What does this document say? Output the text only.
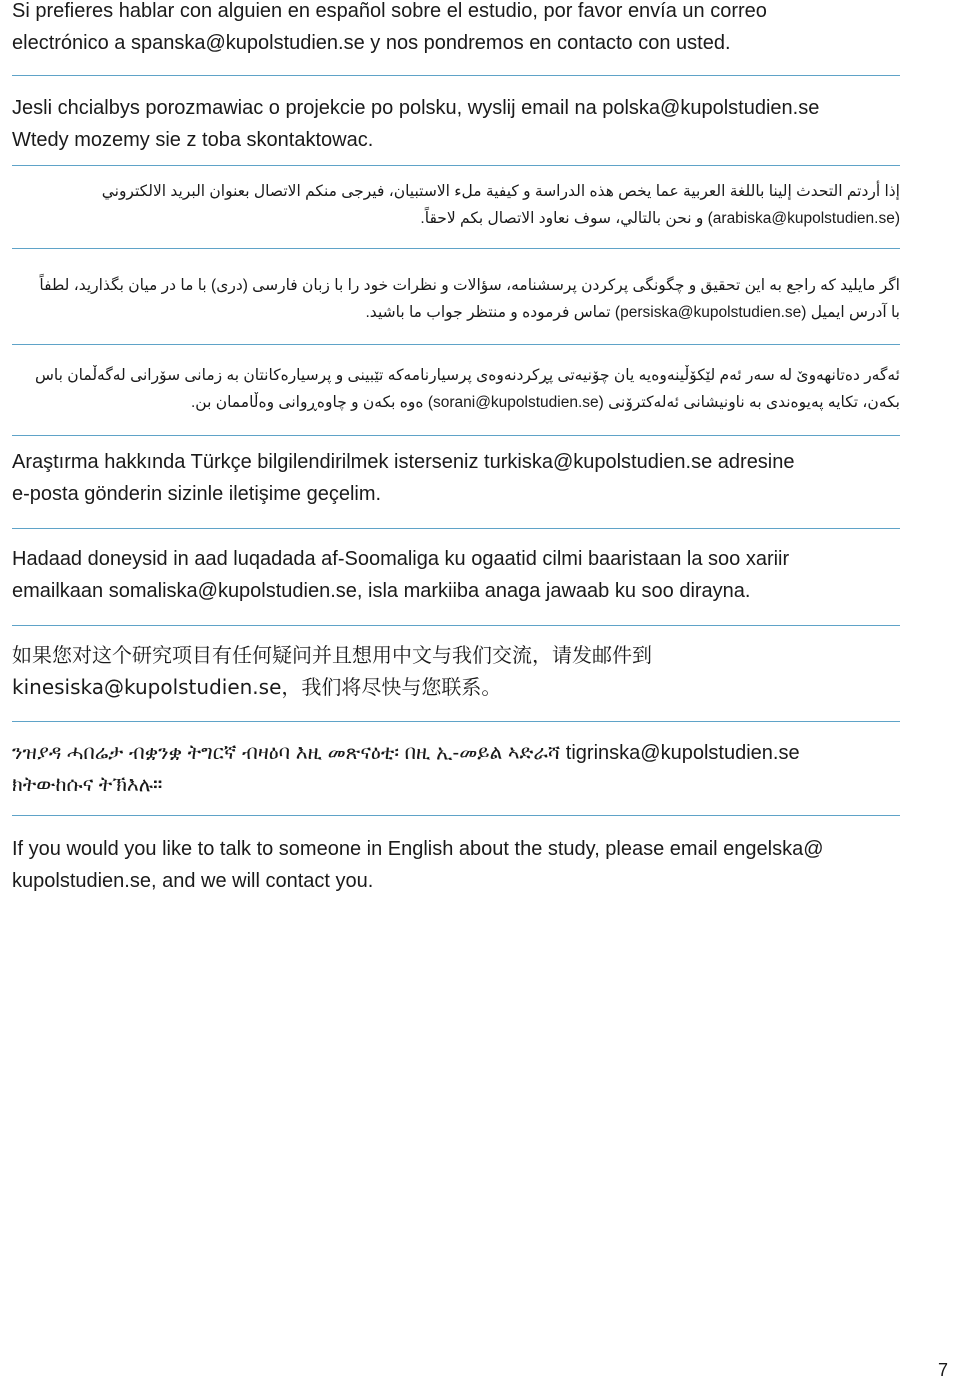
Si prefieres hablar con alguien en español sobre el estudio, por favor envía un correo

electrónico a spanska@kupolstudien.se y nos pondremos en contacto con usted.

Jesli chcialbys porozmawiac o projekcie po polsku, wyslij email na polska@kupolstudien.se

Wtedy mozemy sie z toba skontaktowac.

إذا أردتم التحدث إلينا باللغة العربية عما يخص هذه الدراسة و كيفية ملء الاستبيان، فيرجى منكم الاتصال بعنوان البريد الالكتروني

(arabiska@kupolstudien.se) و نحن بالتالي، سوف نعاود الاتصال بكم لاحقاً.

اگر مایلید که راجع به این تحقیق و چگونگی پرکردن پرسشنامه، سؤالات و نظرات خود را با زبان فارسی (دری) با ما در میان بگذارید، لطفاً

با آدرس ایمیل (persiska@kupolstudien.se) تماس فرموده و منتظر جواب ما باشید.

ئەگەر دەتانهەوێ لە سەر ئەم لێکۆڵینەوەیە یان چۆنیەتی پڕکردنەوەی پرسیارنامەکە تێبینی و پرسیارەکانتان بە زمانی سۆرانی لەگەڵمان باس

بکەن، تکایە پەیوەندی بە ناونیشانی ئەلەکترۆنی (sorani@kupolstudien.se) ەوە بکەن و چاوەڕوانی وەڵاممان بن.

Araştırma hakkında Türkçe bilgilendirilmek isterseniz turkiska@kupolstudien.se adresine

e-posta gönderin sizinle iletişime geçelim.

Hadaad doneysid in aad luqadada af-Soomaliga ku ogaatid cilmi baaristaan la soo xariir

emailkaan somaliska@kupolstudien.se, isla markiiba anaga jawaab ku soo dirayna.

如果您对这个研究项目有任何疑问并且想用中文与我们交流，请发邮件到

kinesiska@kupolstudien.se，我们将尽快与您联系。

ንዝያዳ ሓበሬታ ብቋንቋ ትግርኛ ብዛዕባ እዚ መጽናዕቲ፡ በዚ ኢ-መይል ኣድራሻ tigrinska@kupolstudien.se

ክትውከሱና ትኽእሉ።

If you would you like to talk to someone in English about the study, please email engelska@

kupolstudien.se, and we will contact you.

7
